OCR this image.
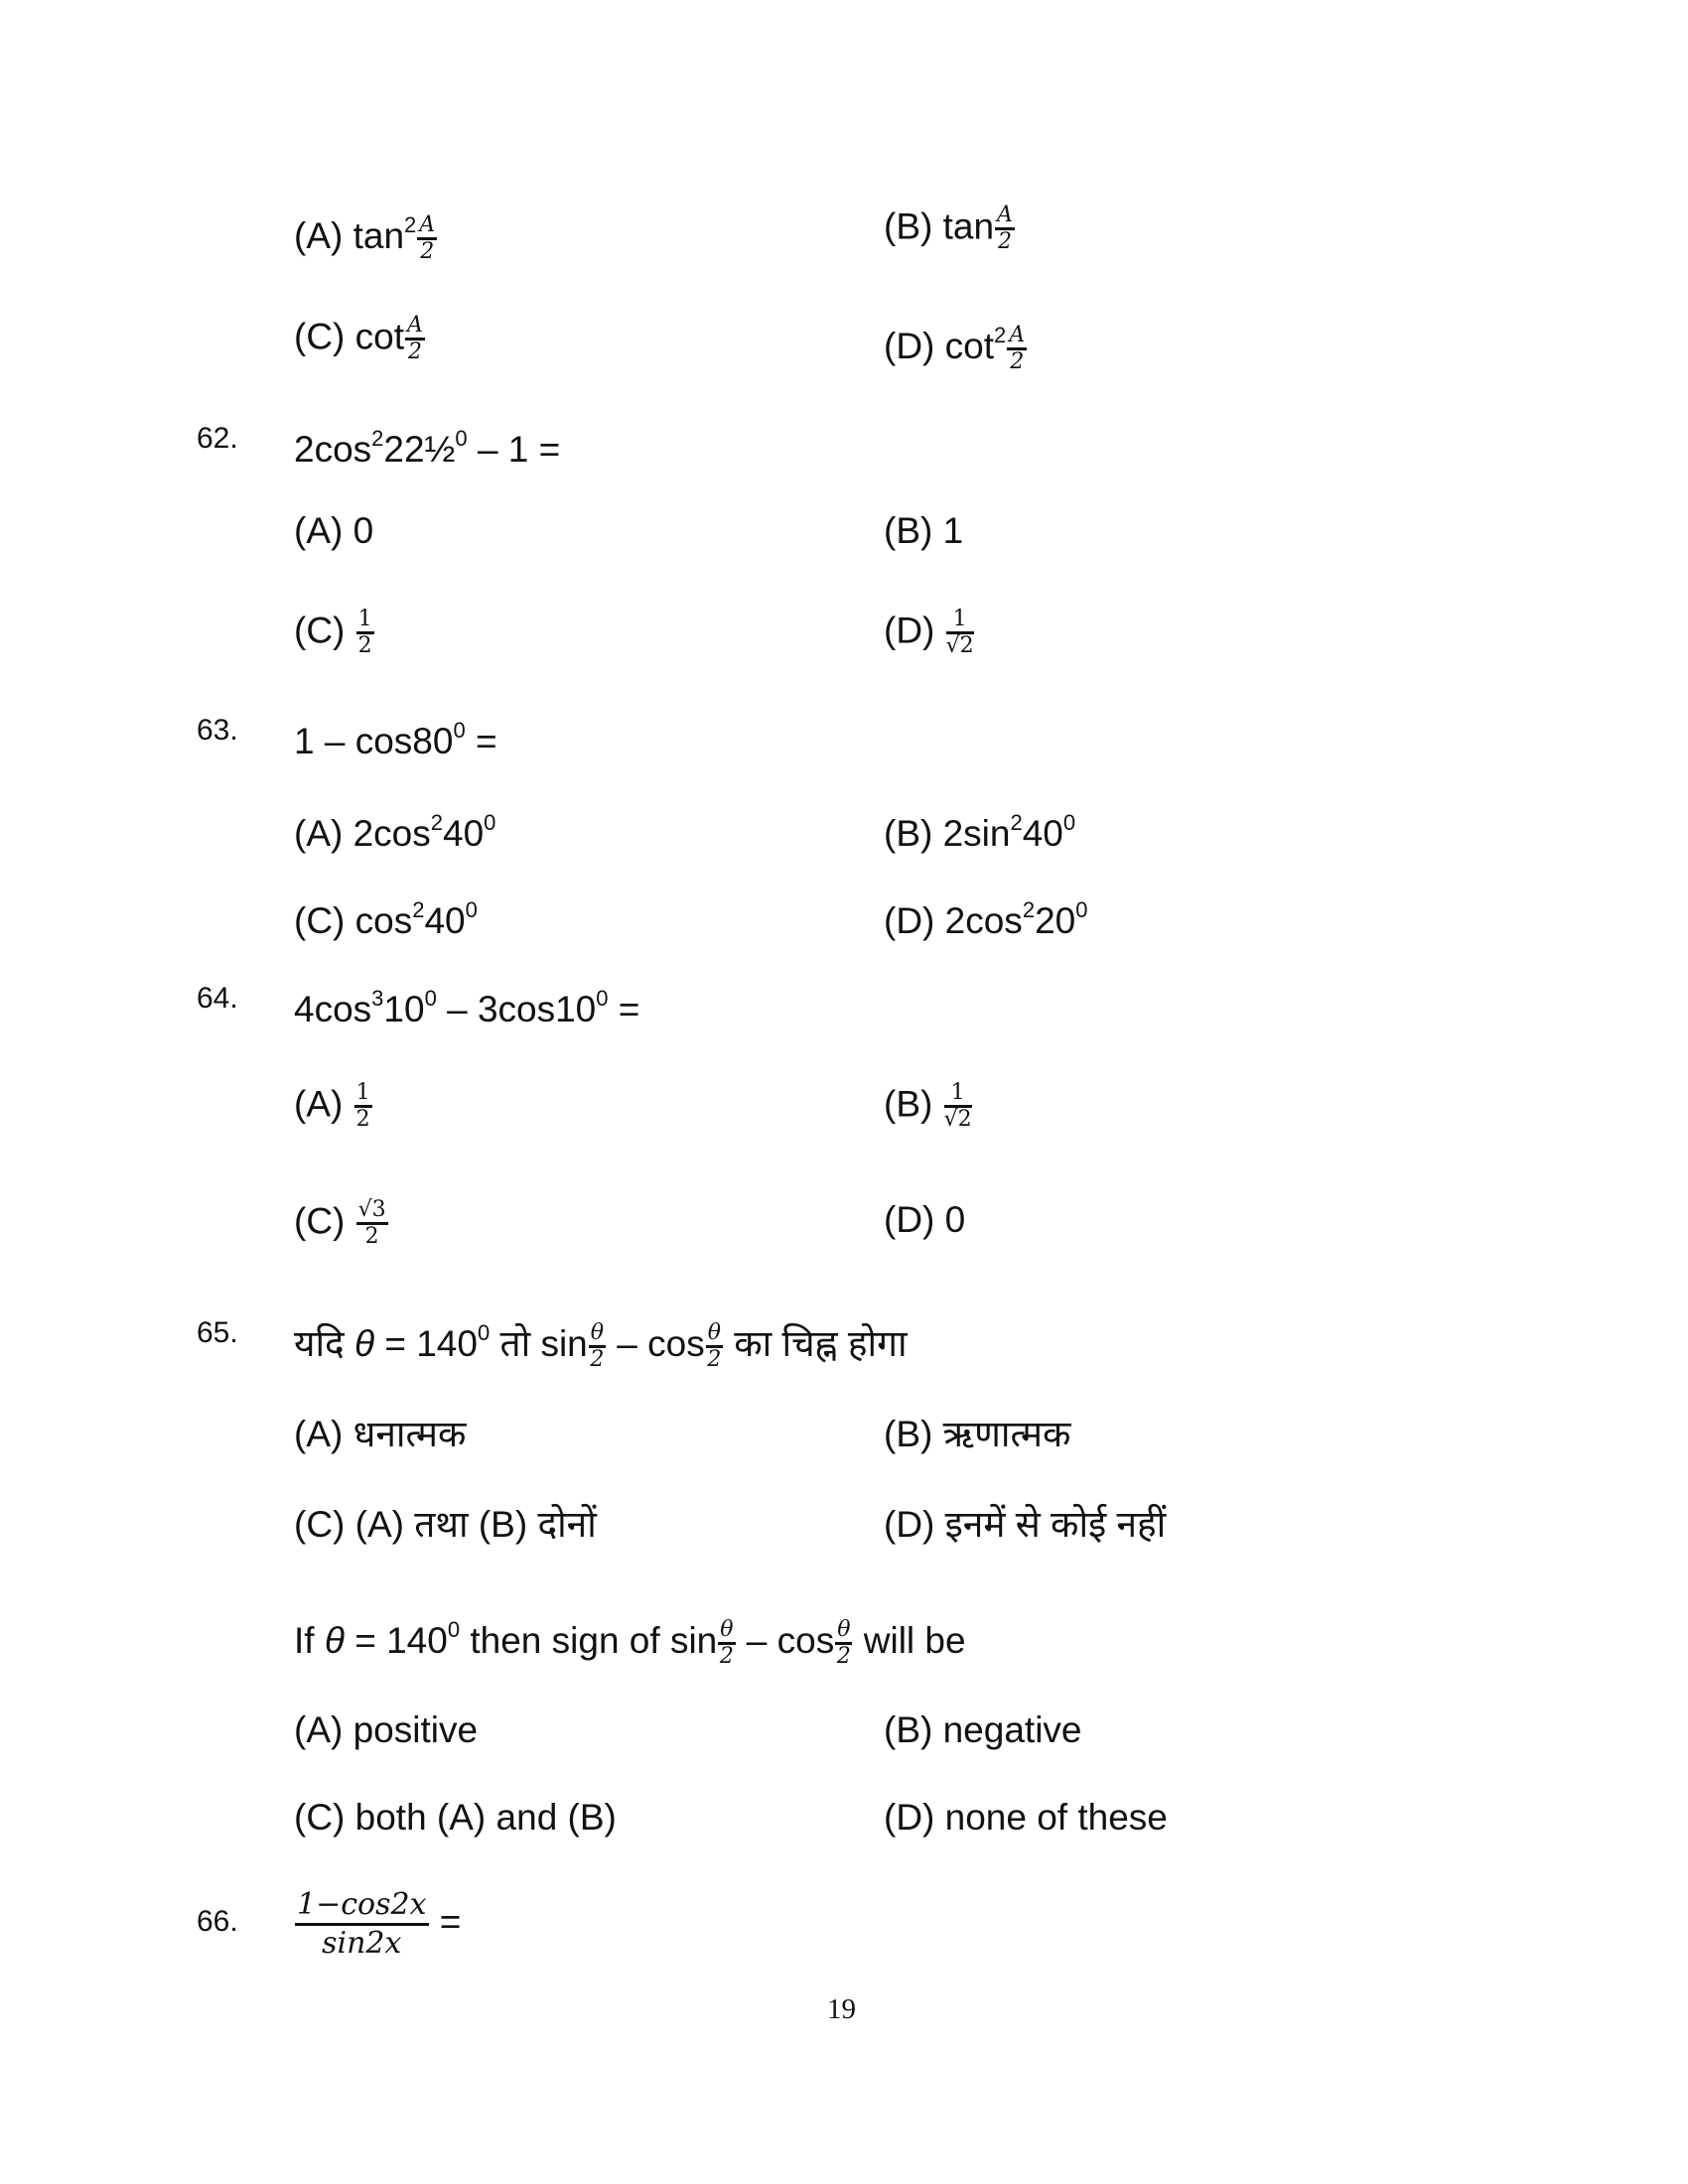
(A) $\tan^2 \frac{A}{2}$	(B) $\tan \frac{A}{2}$
(C) $\cot \frac{A}{2}$	(D) $\cot^2 \frac{A}{2}$
62. $2\cos^222\frac{1}{2}^0 - 1$ =
(A) 0	(B) 1
$(C) \frac{1}{2}$	$(D) \frac{1}{√2}$
63. $1 - \cos 80^0$ =
(A) $2\cos^240^0$	(B) $2\sin^240^0$
(C) $\cos^240^0$	(D) $2\cos^220^0$
64. $4\cos^310^0 - 3\cos 10^0$ =
$(A) \frac{1}{2}$	$(B) \frac{1}{√2}$
$(C) \frac{√3}{2}$	(D) 0
65. यदि $\theta = 140^0$ तो $\sin \frac{\theta}{2}$ – $\cos \frac{\theta}{2}$ का चिह्न होगा
(A) धनात्मक	(B) ऋणात्मक
(C) (A) तथा (B) दोनों	(D) इनमें से कोई नहीं
If $\theta = 140^0$ then sign of $\sin \frac{\theta}{2}$ – $\cos \frac{\theta}{2}$ will be
(A) positive	(B) negative
(C) both (A) and (B)	(D) none of these
66. $\frac{1-\cos 2x}{\sin 2x}$ =
19
